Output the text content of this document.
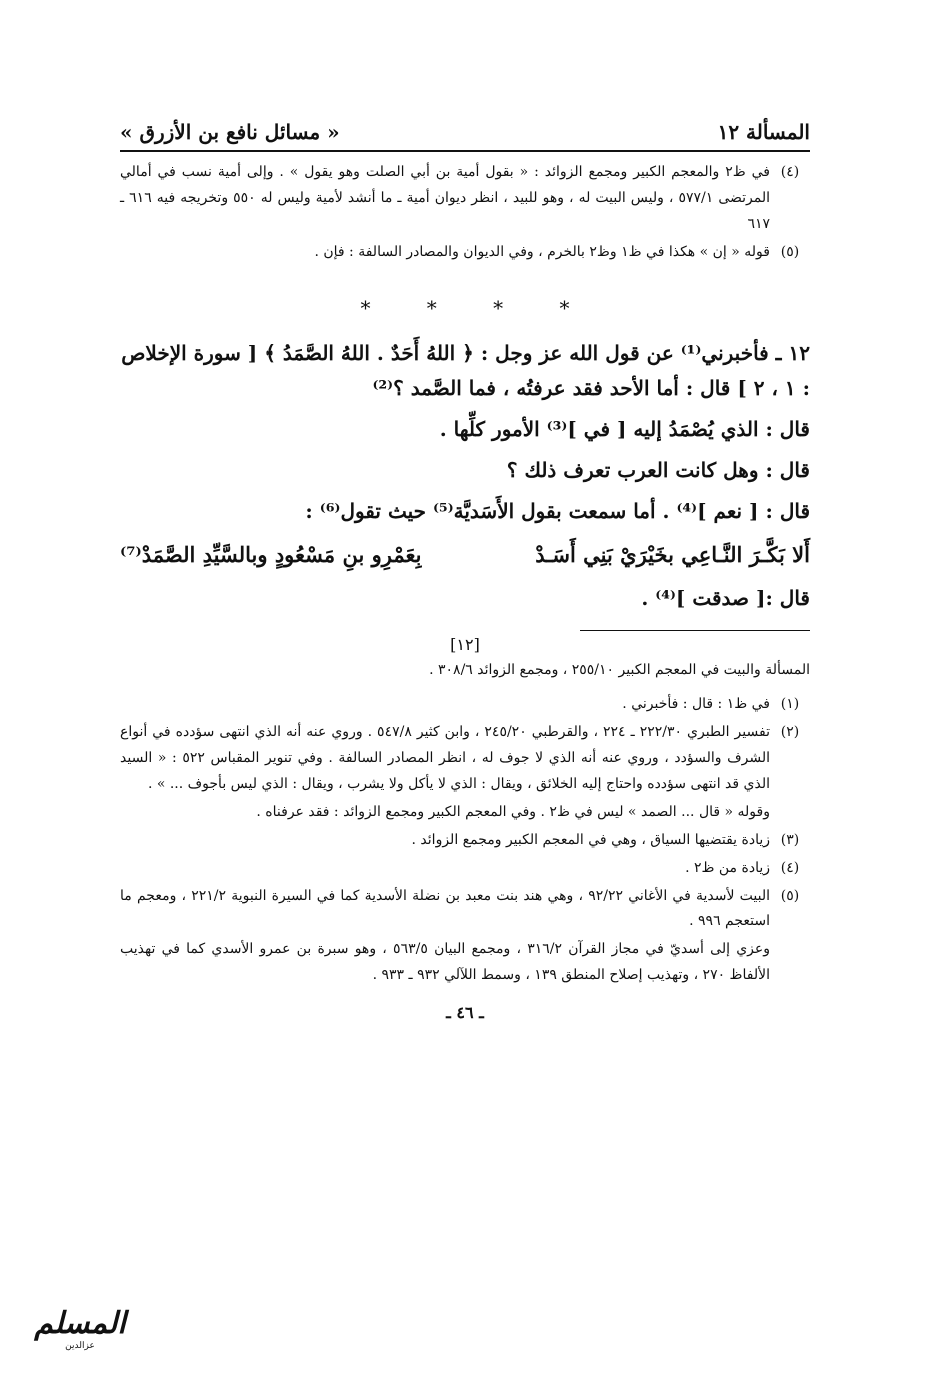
المسألة ١٢
« مسائل نافع بن الأزرق »
(٤)
في ظ٢ والمعجم الكبير ومجمع الزوائد : « بقول أمية بن أبي الصلت وهو يقول » . وإلى أمية نسب في أمالي المرتضى ٥٧٧/١ ، وليس البيت له ، وهو للبيد ، انظر ديوان أمية ـ ما أنشد لأمية وليس له ٥٥٠ وتخريجه فيه ٦١٦ ـ ٦١٧
(٥)
قوله « إن » هكذا في ظ١ وظ٢ بالخرم ، وفي الديوان والمصادر السالفة : فإن .
* * * *

١٢ ـ فأخبرني⁽¹⁾ عن قول الله عز وجل : ﴿ اللهُ أَحَدٌ . اللهُ الصَّمَدُ ﴾ [ سورة الإخلاص : ١ ، ٢ ] قال : أما الأحد فقد عرفتُه ، فما الصَّمد ؟⁽²⁾

قال : الذي يُصْمَدُ إليه [ في ]⁽³⁾ الأمور كلِّها .

قال : وهل كانت العرب تعرف ذلك ؟

قال : [ نعم ]⁽⁴⁾ . أما سمعت بقول الأَسَديَّة⁽⁵⁾ حيث تقول⁽⁶⁾ :

أَلا بَكَّـرَ النَّـاعِي بخَيْرَيْ بَنِي أَسَـدْ
بِعَمْرِو بنِ مَسْعُودٍ وبالسَّيِّدِ الصَّمَدْ⁽⁷⁾

قال :[ صدقت ]⁽⁴⁾ .

[١٢]
المسألة والبيت في المعجم الكبير ٢٥٥/١٠ ، ومجمع الزوائد ٣٠٨/٦ .
(١)
في ظ١ : قال : فأخبرني .
(٢)
تفسير الطبري ٢٢٢/٣٠ ـ ٢٢٤ ، والقرطبي ٢٤٥/٢٠ ، وابن كثير ٥٤٧/٨ . وروي عنه أنه الذي انتهى سؤدده في أنواع الشرف والسؤدد ، وروي عنه أنه الذي لا جوف له ، انظر المصادر السالفة . وفي تنوير المقباس ٥٢٢ : « السيد الذي قد انتهى سؤدده واحتاج إليه الخلائق ، ويقال : الذي لا يأكل ولا يشرب ، ويقال : الذي ليس بأجوف ... » .
وقوله « قال ... الصمد » ليس في ظ٢ . وفي المعجم الكبير ومجمع الزوائد : فقد عرفناه .
(٣)
زيادة يقتضيها السياق ، وهي في المعجم الكبير ومجمع الزوائد .
(٤)
زيادة من ظ٢ .
(٥)
البيت لأسدية في الأغاني ٩٢/٢٢ ، وهي هند بنت معبد بن نضلة الأسدية كما في السيرة النبوية ٢٢١/٢ ، ومعجم ما استعجم ٩٩٦ .
وعزي إلى أسديّ في مجاز القرآن ٣١٦/٢ ، ومجمع البيان ٥٦٣/٥ ، وهو سبرة بن عمرو الأسدي كما في تهذيب الألفاظ ٢٧٠ ، وتهذيب إصلاح المنطق ١٣٩ ، وسمط اللآلي ٩٣٢ ـ ٩٣٣ .
ـ ٤٦ ـ
المسلم
عزالدين
